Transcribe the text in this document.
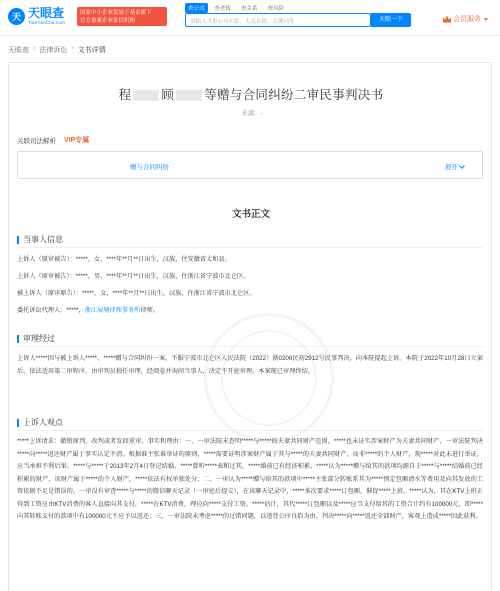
天 天眼查
TianYanCha.com
国家中小企业发展子基金旗下
官方备案企业征信机构
查公司	查老板	查关系	查风险
请输入当事公司名称、人员名称、关键词等	天眼一下	会员服务
天眼查 › 法律诉讼 › 文书详情
程 顾 等赠与合同纠纷二审民事判决书
来源：-
关联司法解析 VIP专属
赠与合同纠纷	展开
文书正文
当事人信息
上诉人（原审被告）：*****，女，****年**月**日出生，汉族，住安徽省太和县。
上诉人（原审被告）：*****，男，****年**月**日出生，汉族，住浙江省宁波市北仑区。
被上诉人（原审原告）：*****，女，****年**月**日出生，汉族，住浙江省宁波市北仑区。
委托诉讼代理人：*****，浙江展境律师事务所律师。
审理经过
上诉人*****因与被上诉人*****、*****赠与合同纠纷一案，不服宁波市北仑区人民法院（2022）浙0206民初2912号民事判决，向本院提起上诉。本院于2022年10月28日立案后，依法适用第二审程序，由审判员独任审理，经阅卷并询问当事人，决定不开庭审理。本案现已审理终结。
上诉人观点
*****上诉请求：撤销原判，改判或者发回重审。事实和理由：一、一审法院未查明*****与*****的夫妻共同财产范围，*****也未证实涉案财产为夫妻共同财产，一审法院判决*****向*****返还财产属于事实认定不清。根据谁主张谁举证的原则，*****需要证明涉案财产属于其与*****的夫妻共同财产，而非*****的个人财产，现*****对此未进行举证，应当承担不利后果。*****与*****于2013年2月4日登记结婚，*****曾听*****表和过其，*****婚前已有经济积累，*****认为*****赠与给其的款项均源自于*****与*****结婚前已经积累的财产，该财产属于*****的个人财产，*****依法有权单独处分；二、一审认为*****赠与给其的款项中*****主张部分转账系其为*****预定包厢请水等费用及向其发放的工资依据不足是错误的。一审没有审查*****与*****的微信聊天记录（一审庭后提交），在该聊天记录中，*****多次要求*****订包厢，催促*****上班，*****认为，其在KTV上班正得到工资应由KTV消费的客人直接向其支付，*****在KTV消费，理应向*****支付工资。*****估计，其代*****订包厢以及*****应当支付给其的工资合计约有100000元，即*****向其转账支付的款项中有100000元不应予以返还；三、一审法院未考虑*****的过错问题，以违背公序良俗为由，判决*****向*****返还全部财产，客观上造成*****因此获利。
